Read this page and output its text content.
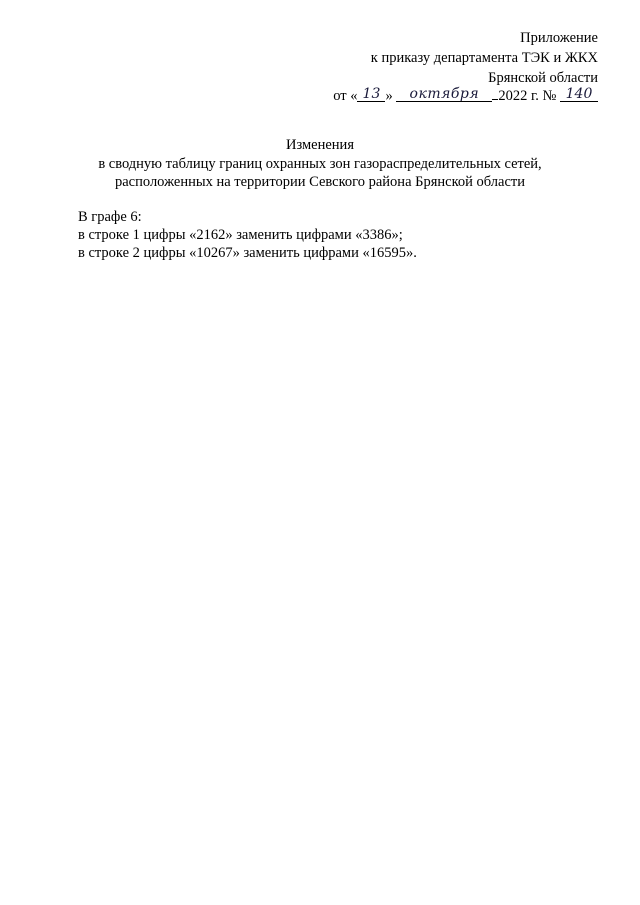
Приложение
к приказу департамента ТЭК и ЖКХ
Брянской области
от « 13 » октября 2022 г. № 140
Изменения
в сводную таблицу границ охранных зон газораспределительных сетей,
расположенных на территории Севского района Брянской области
В графе 6:
в строке 1 цифры «2162» заменить цифрами «3386»;
в строке 2 цифры «10267» заменить цифрами «16595».
